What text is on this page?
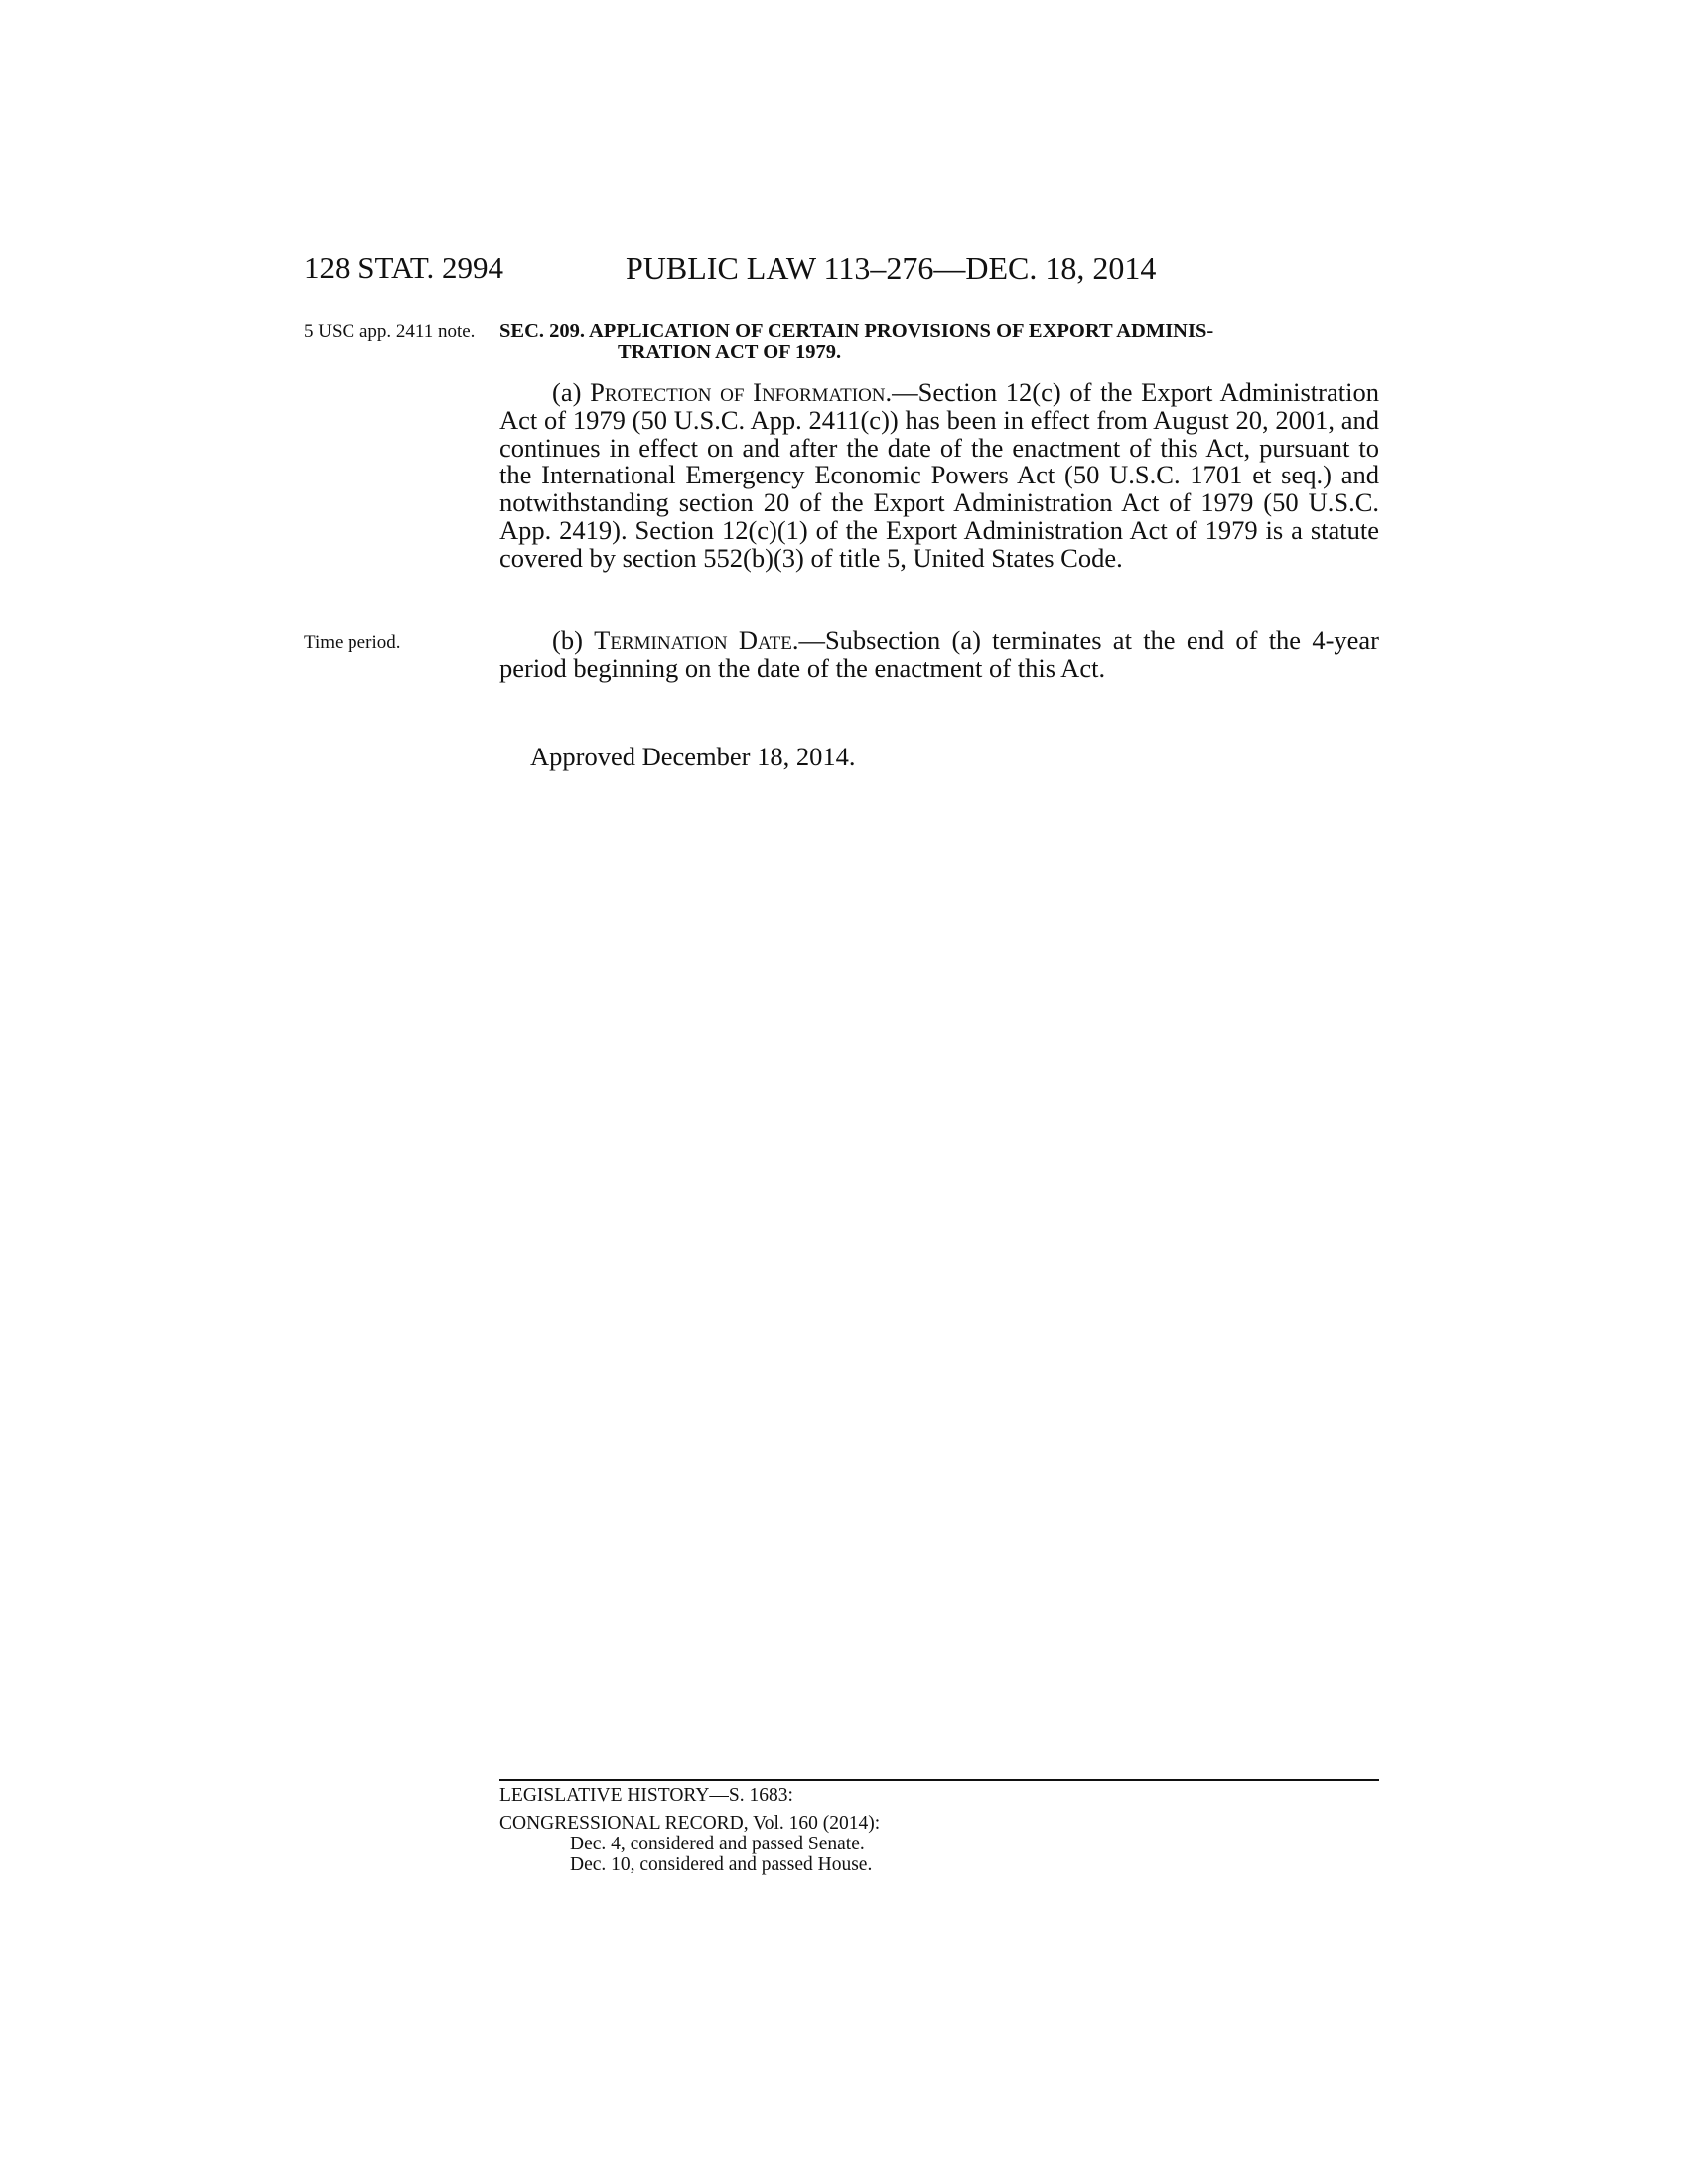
128 STAT. 2994	PUBLIC LAW 113–276—DEC. 18, 2014
5 USC app. 2411 note.
Time period.
SEC. 209. APPLICATION OF CERTAIN PROVISIONS OF EXPORT ADMINIS-
TRATION ACT OF 1979.

(a) Protection of Information.—Section 12(c) of the Export Administration Act of 1979 (50 U.S.C. App. 2411(c)) has been in effect from August 20, 2001, and continues in effect on and after the date of the enactment of this Act, pursuant to the International Emergency Economic Powers Act (50 U.S.C. 1701 et seq.) and notwithstanding section 20 of the Export Administration Act of 1979 (50 U.S.C. App. 2419). Section 12(c)(1) of the Export Administration Act of 1979 is a statute covered by section 552(b)(3) of title 5, United States Code.

(b) Termination Date.—Subsection (a) terminates at the end of the 4-year period beginning on the date of the enactment of this Act.

Approved December 18, 2014.
LEGISLATIVE HISTORY—S. 1683:
CONGRESSIONAL RECORD, Vol. 160 (2014):
Dec. 4, considered and passed Senate.
Dec. 10, considered and passed House.
